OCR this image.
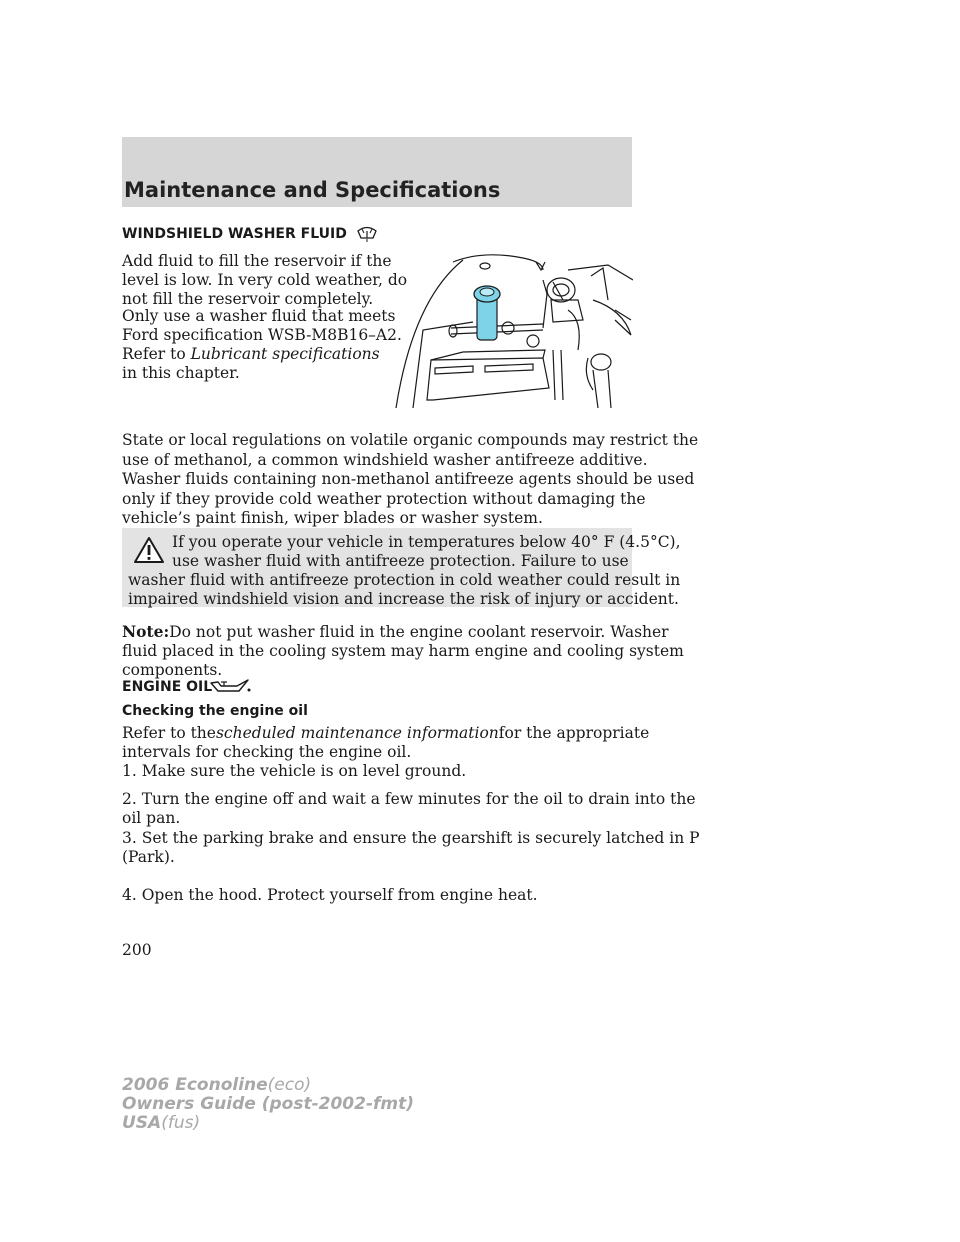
Maintenance and Specifications
WINDSHIELD WASHER FLUID
Add fluid to fill the reservoir if the
level is low. In very cold weather, do
not fill the reservoir completely.
Only use a washer fluid that meets
Ford specification WSB-M8B16–A2.
Refer to Lubricant specifications
in this chapter.
State or local regulations on volatile organic compounds may restrict the
use of methanol, a common windshield washer antifreeze additive.
Washer fluids containing non-methanol antifreeze agents should be used
only if they provide cold weather protection without damaging the
vehicle’s paint finish, wiper blades or washer system.
If you operate your vehicle in temperatures below 40° F (4.5°C),
use washer fluid with antifreeze protection. Failure to use
washer fluid with antifreeze protection in cold weather could result in
impaired windshield vision and increase the risk of injury or accident.
Note:Do not put washer fluid in the engine coolant reservoir. Washer
fluid placed in the cooling system may harm engine and cooling system
components.
ENGINE OIL
Checking the engine oil
Refer to thescheduled maintenance informationfor the appropriate
intervals for checking the engine oil.
1. Make sure the vehicle is on level ground.
2. Turn the engine off and wait a few minutes for the oil to drain into the
oil pan.
3. Set the parking brake and ensure the gearshift is securely latched in P
(Park).
4. Open the hood. Protect yourself from engine heat.
200
2006 Econoline(eco)
Owners Guide (post-2002-fmt)
USA(fus)
